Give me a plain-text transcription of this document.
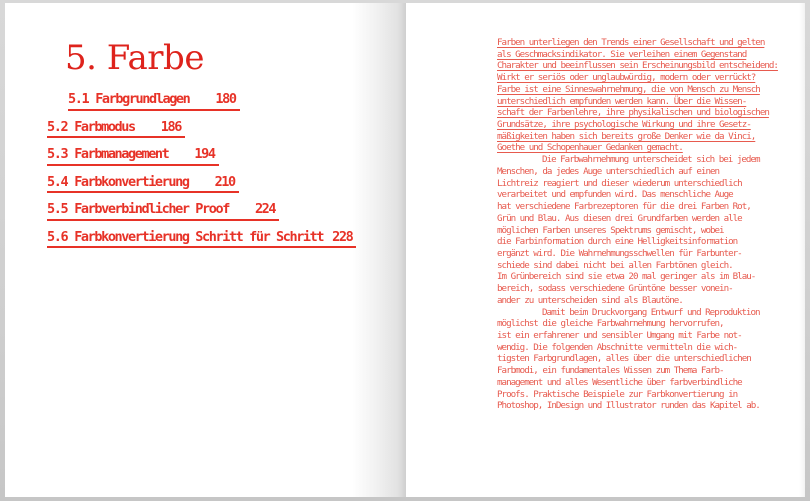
5. Farbe
5.1 Farbgrundlagen 180
5.2 Farbmodus 186
5.3 Farbmanagement 194
5.4 Farbkonvertierung 210
5.5 Farbverbindlicher Proof 224
5.6 Farbkonvertierung Schritt für Schritt 228
Farben unterliegen den Trends einer Gesellschaft und gelten
als Geschmacksindikator. Sie verleihen einem Gegenstand
Charakter und beeinflussen sein Erscheinungsbild entscheidend:
Wirkt er seriös oder unglaubwürdig, modern oder verrückt?
Farbe ist eine Sinneswahrnehmung, die von Mensch zu Mensch
unterschiedlich empfunden werden kann. Über die Wissen-
schaft der Farbenlehre, ihre physikalischen und biologischen
Grundsätze, ihre psychologische Wirkung und ihre Gesetz-
mäßigkeiten haben sich bereits große Denker wie da Vinci,
Goethe und Schopenhauer Gedanken gemacht.
Die Farbwahrnehmung unterscheidet sich bei jedem
Menschen, da jedes Auge unterschiedlich auf einen
Lichtreiz reagiert und dieser wiederum unterschiedlich
verarbeitet und empfunden wird. Das menschliche Auge
hat verschiedene Farbrezeptoren für die drei Farben Rot,
Grün und Blau. Aus diesen drei Grundfarben werden alle
möglichen Farben unseres Spektrums gemischt, wobei
die Farbinformation durch eine Helligkeitsinformation
ergänzt wird. Die Wahrnehmungsschwellen für Farbunter-
schiede sind dabei nicht bei allen Farbtönen gleich.
Im Grünbereich sind sie etwa 20 mal geringer als im Blau-
bereich, sodass verschiedene Grüntöne besser vonein-
ander zu unterscheiden sind als Blautöne.
Damit beim Druckvorgang Entwurf und Reproduktion
möglichst die gleiche Farbwahrnehmung hervorrufen,
ist ein erfahrener und sensibler Umgang mit Farbe not-
wendig. Die folgenden Abschnitte vermitteln die wich-
tigsten Farbgrundlagen, alles über die unterschiedlichen
Farbmodi, ein fundamentales Wissen zum Thema Farb-
management und alles Wesentliche über farbverbindliche
Proofs. Praktische Beispiele zur Farbkonvertierung in
Photoshop, InDesign und Illustrator runden das Kapitel ab.
